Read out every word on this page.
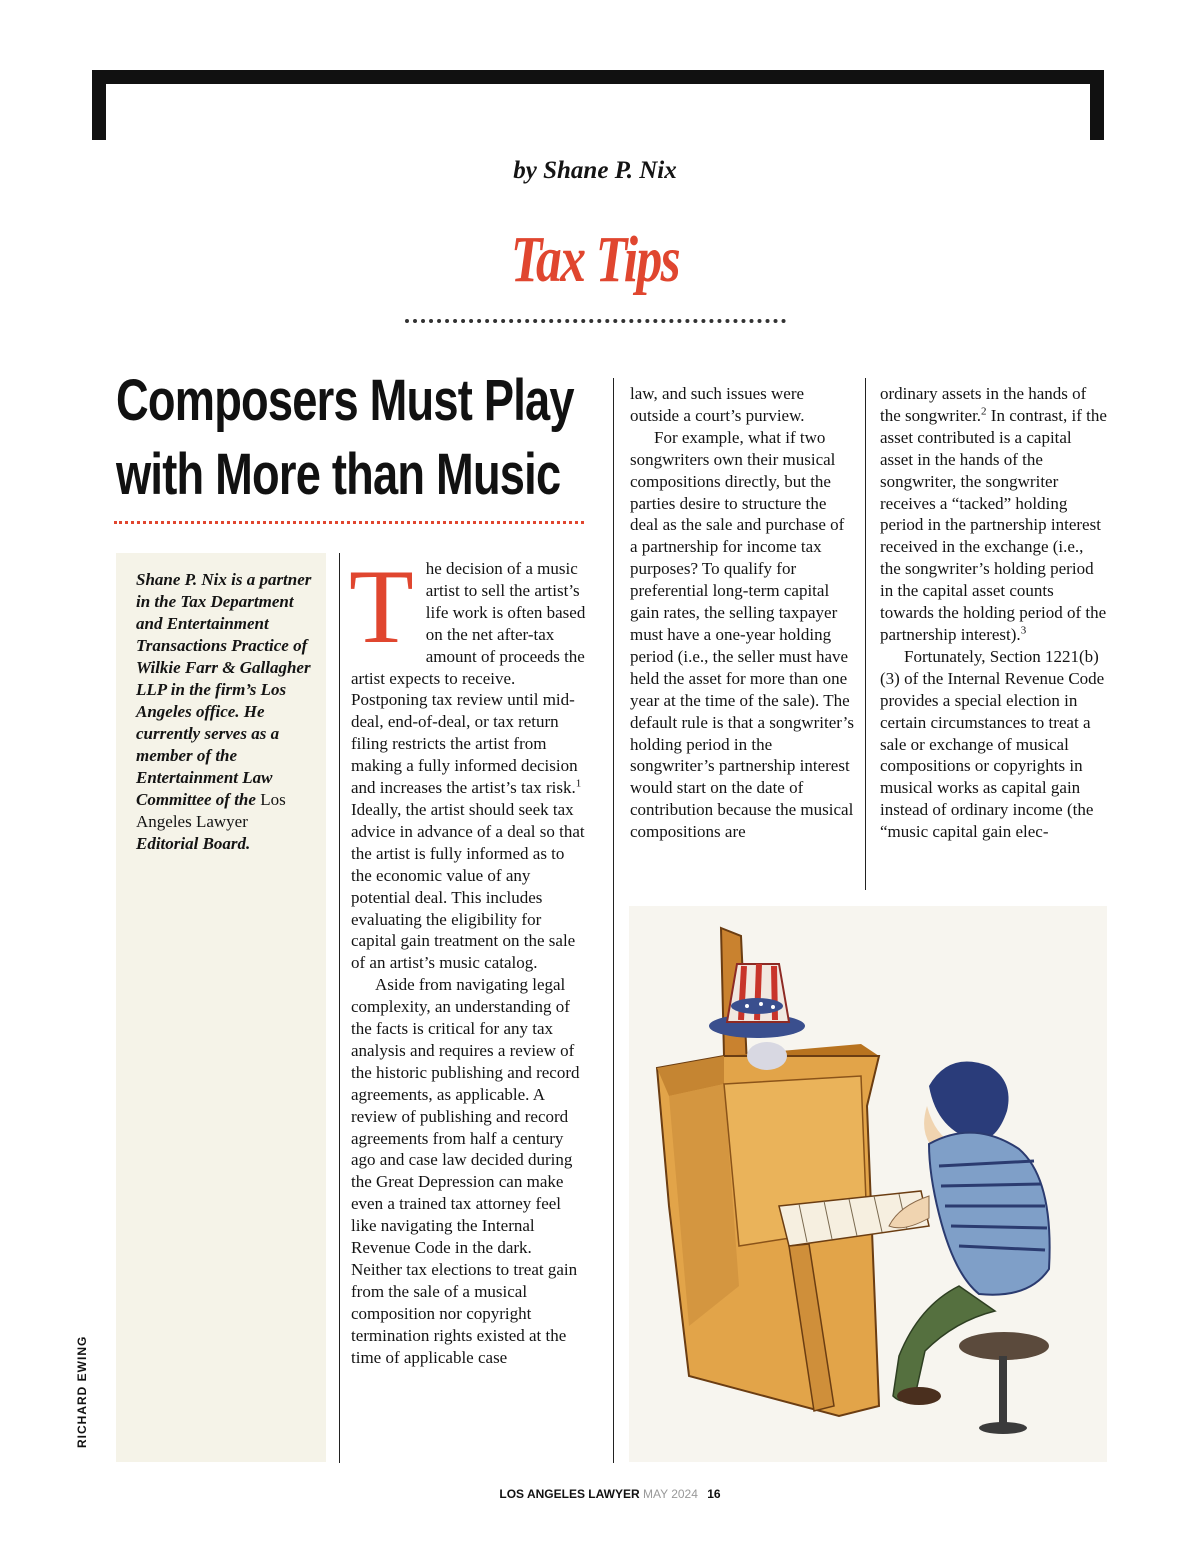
by Shane P. Nix
Tax Tips
Composers Must Play
with More than Music
Shane P. Nix is a partner in the Tax Department and Entertainment Transactions Practice of Wilkie Farr & Gallagher LLP in the firm’s Los Angeles office. He currently serves as a member of the Entertainment Law Committee of the Los Angeles Lawyer Editorial Board.
RICHARD EWING

The decision of a music artist to sell the artist’s life work is often based on the net after-tax amount of proceeds the artist expects to receive. Postponing tax review until mid-deal, end-of-deal, or tax return filing restricts the artist from making a fully informed decision and increases the artist’s tax risk.$^1$ Ideally, the artist should seek tax advice in advance of a deal so that the artist is fully informed as to the economic value of any potential deal. This includes evaluating the eligibility for capital gain treatment on the sale of an artist’s music catalog.

Aside from navigating legal complexity, an understanding of the facts is critical for any tax analysis and requires a review of the historic publishing and record agreements, as applicable. A review of publishing and record agreements from half a century ago and case law decided during the Great Depression can make even a trained tax attorney feel like navigating the Internal Revenue Code in the dark. Neither tax elections to treat gain from the sale of a musical composition nor copyright termination rights existed at the time of applicable case

law, and such issues were outside a court’s purview.

For example, what if two songwriters own their musical compositions directly, but the parties desire to structure the deal as the sale and purchase of a partnership for income tax purposes? To qualify for preferential long-term capital gain rates, the selling taxpayer must have a one-year holding period (i.e., the seller must have held the asset for more than one year at the time of the sale). The default rule is that a songwriter’s holding period in the songwriter’s partnership interest would start on the date of contribution because the musical compositions are

ordinary assets in the hands of the songwriter.$^2$ In contrast, if the asset contributed is a capital asset in the hands of the songwriter, the songwriter receives a “tacked” holding period in the partnership interest received in the exchange (i.e., the songwriter’s holding period in the capital asset counts towards the holding period of the partnership interest).$^3$

Fortunately, Section 1221(b)(3) of the Internal Revenue Code provides a special election in certain circumstances to treat a sale or exchange of musical compositions or copyrights in musical works as capital gain instead of ordinary income (the “music capital gain elec-

LOS ANGELES LAWYER MAY 2024 16
